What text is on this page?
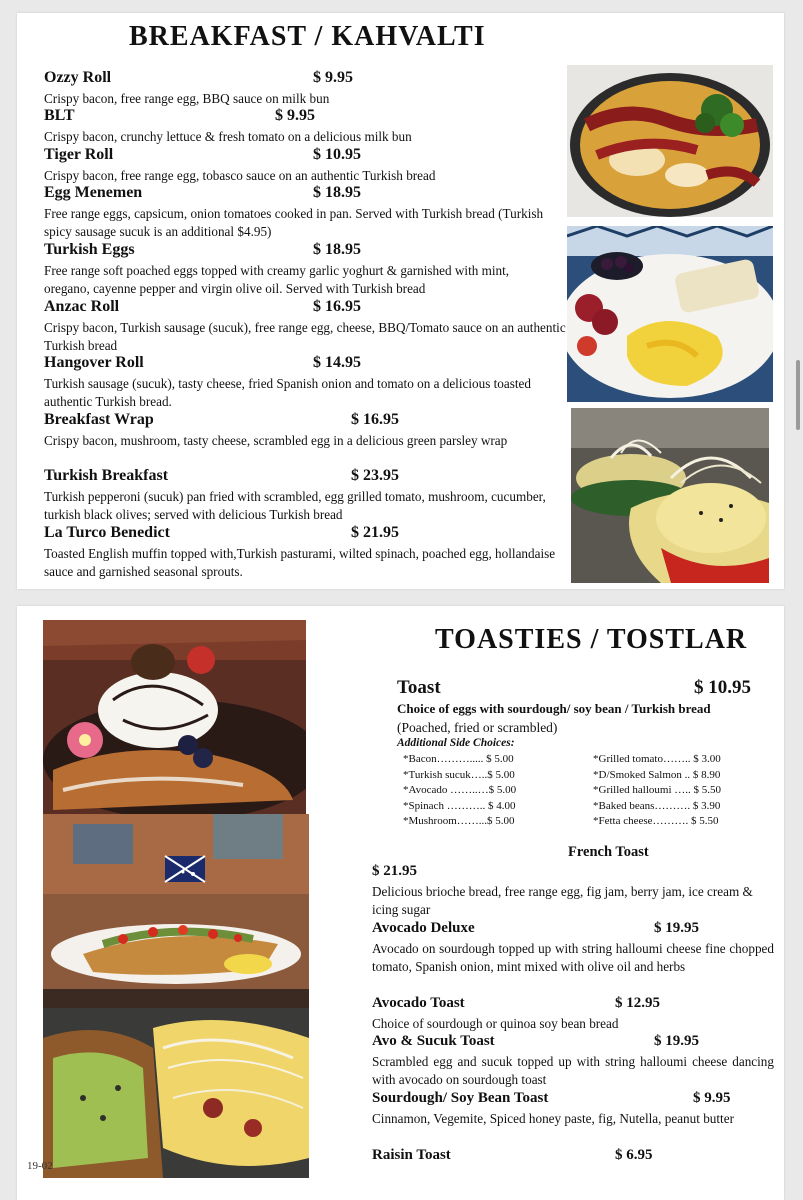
BREAKFAST / KAHVALTI
Ozzy Roll	$ 9.95
Crispy bacon, free range egg, BBQ sauce on milk bun
BLT	$ 9.95
Crispy bacon, crunchy lettuce & fresh tomato on a delicious milk bun
Tiger Roll	$ 10.95
Crispy bacon, free range egg, tobasco sauce on an authentic Turkish bread
Egg Menemen	$ 18.95
Free range eggs, capsicum, onion tomatoes cooked in pan. Served with Turkish bread (Turkish spicy sausage sucuk is an additional $4.95)
Turkish Eggs	$ 18.95
Free range soft poached eggs topped with creamy garlic yoghurt & garnished with mint, oregano, cayenne pepper and virgin olive oil. Served with Turkish bread
Anzac Roll	$ 16.95
Crispy bacon, Turkish sausage (sucuk), free range egg, cheese, BBQ/Tomato sauce on an authentic Turkish bread
Hangover Roll	$ 14.95
Turkish sausage (sucuk), tasty cheese, fried Spanish onion and tomato on a delicious toasted authentic Turkish bread.
Breakfast Wrap	$ 16.95
Crispy bacon, mushroom, tasty cheese, scrambled egg in a delicious green parsley wrap
Turkish Breakfast	$ 23.95
Turkish pepperoni (sucuk) pan fried with scrambled, egg grilled tomato, mushroom, cucumber, turkish black olives; served with delicious Turkish bread
La Turco Benedict	$ 21.95
Toasted English muffin topped with,Turkish pasturami, wilted spinach, poached egg, hollandaise sauce and garnished seasonal sprouts.
TOASTIES / TOSTLAR
Toast	$ 10.95
Choice of eggs with sourdough/ soy bean / Turkish bread
(Poached, fried or scrambled)
Additional Side Choices:
*Bacon………..... $ 5.00
*Turkish sucuk…..$ 5.00
*Avocado ……..…$ 5.00
*Spinach ……….. $ 4.00
*Mushroom……...$ 5.00
*Grilled tomato…….. $ 3.00
*D/Smoked Salmon .. $ 8.90
*Grilled halloumi ….. $ 5.50
*Baked beans………. $ 3.90
*Fetta cheese………. $ 5.50
French Toast
$ 21.95
Delicious brioche bread, free range egg, fig jam, berry jam, ice cream & icing sugar
Avocado Deluxe	$ 19.95
Avocado on sourdough topped up with string halloumi cheese fine chopped tomato, Spanish onion, mint mixed with olive oil and herbs
Avocado Toast	$ 12.95
Choice of sourdough or quinoa soy bean bread
Avo & Sucuk Toast	$ 19.95
Scrambled egg and sucuk topped up with string halloumi cheese dancing with avocado on sourdough toast
Sourdough/ Soy Bean Toast	$ 9.95
Cinnamon, Vegemite, Spiced honey paste, fig, Nutella, peanut butter
Raisin Toast	$ 6.95
19-02
